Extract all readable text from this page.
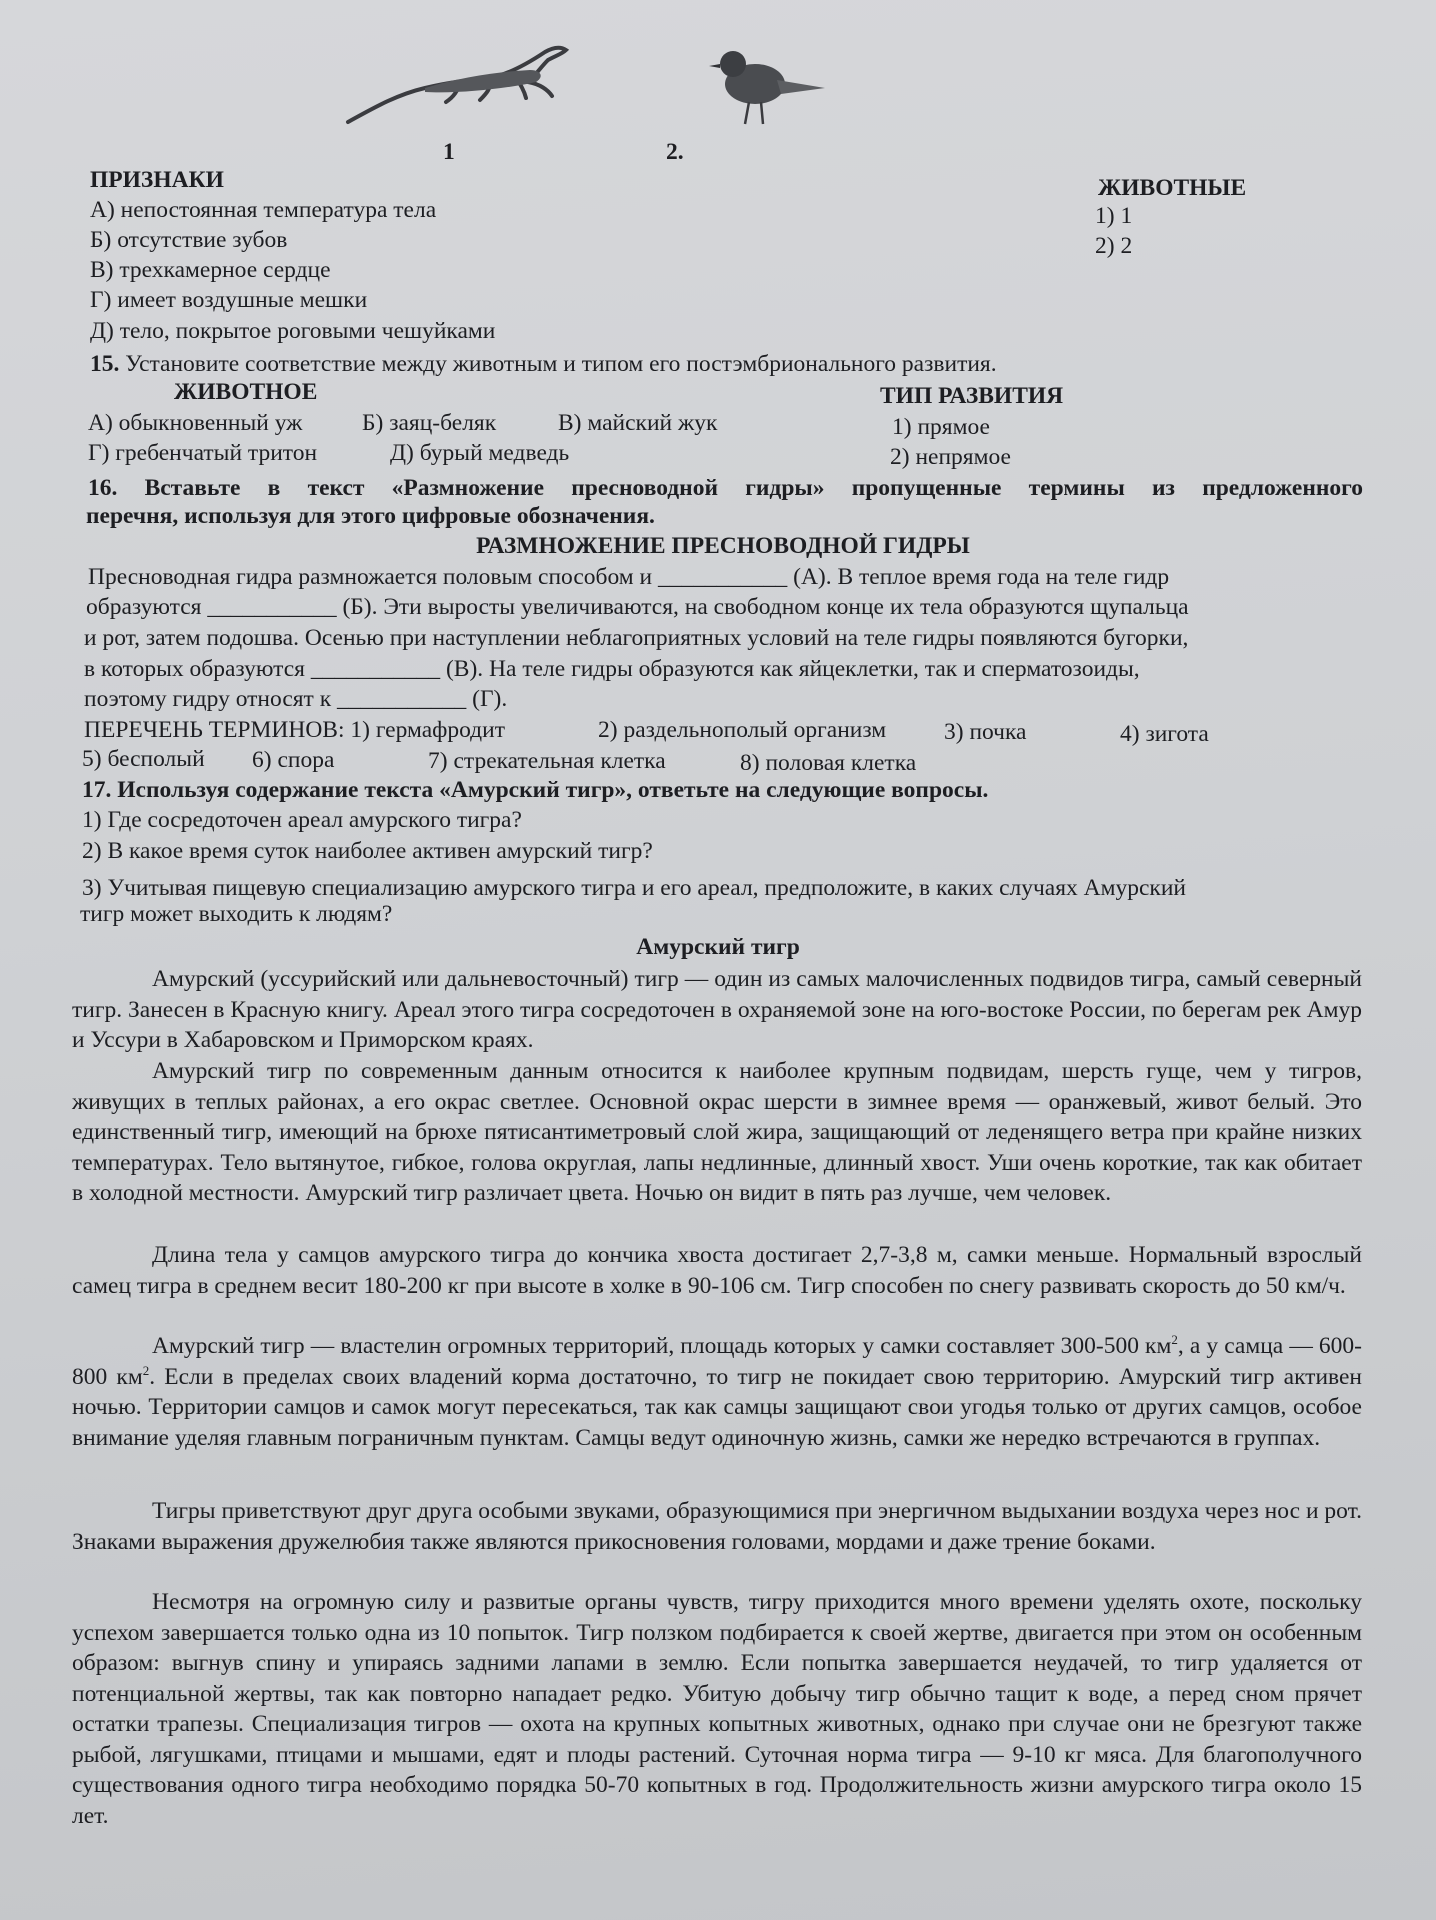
1	2.
ПРИЗНАКИ	ЖИВОТНЫЕ
А) непостоянная температура тела
Б) отсутствие зубов
В) трехкамерное сердце
Г) имеет воздушные мешки
Д) тело, покрытое роговыми чешуйками
1) 1
2) 2
15. Установите соответствие между животным и типом его постэмбрионального развития.
ЖИВОТНОЕ	ТИП РАЗВИТИЯ
А) обыкновенный уж	Б) заяц-беляк	В) майский жук
Г) гребенчатый тритон	Д) бурый медведь
1) прямое
2) непрямое
16. Вставьте в текст «Размножение пресноводной гидры» пропущенные термины из предложенного
перечня, используя для этого цифровые обозначения.
РАЗМНОЖЕНИЕ ПРЕСНОВОДНОЙ ГИДРЫ
Пресноводная гидра размножается половым способом и ___________ (А). В теплое время года на теле гидр
образуются ___________ (Б). Эти выросты увеличиваются, на свободном конце их тела образуются щупальца
и рот, затем подошва. Осенью при наступлении неблагоприятных условий на теле гидры появляются бугорки,
в которых образуются ___________ (В). На теле гидры образуются как яйцеклетки, так и сперматозоиды,
поэтому гидру относят к ___________ (Г).
ПЕРЕЧЕНЬ ТЕРМИНОВ: 1) гермафродит	2) раздельнополый организм 3) почка	4) зигота
5) бесполый 6) спора	7) стрекательная клетка	8) половая клетка
17. Используя содержание текста «Амурский тигр», ответьте на следующие вопросы.
1) Где сосредоточен ареал амурского тигра?
2) В какое время суток наиболее активен амурский тигр?
3) Учитывая пищевую специализацию амурского тигра и его ареал, предположите, в каких случаях Амурский
тигр может выходить к людям?
Амурский тигр
Амурский (уссурийский или дальневосточный) тигр — один из самых малочисленных подвидов тигра, самый северный тигр. Занесен в Красную книгу. Ареал этого тигра сосредоточен в охраняемой зоне на юго-востоке России, по берегам рек Амур и Уссури в Хабаровском и Приморском краях.
Амурский тигр по современным данным относится к наиболее крупным подвидам, шерсть гуще, чем у тигров, живущих в теплых районах, а его окрас светлее. Основной окрас шерсти в зимнее время — оранжевый, живот белый. Это единственный тигр, имеющий на брюхе пятисантиметровый слой жира, защищающий от леденящего ветра при крайне низких температурах. Тело вытянутое, гибкое, голова округлая, лапы недлинные, длинный хвост. Уши очень короткие, так как обитает в холодной местности. Амурский тигр различает цвета. Ночью он видит в пять раз лучше, чем человек.
Длина тела у самцов амурского тигра до кончика хвоста достигает 2,7-3,8 м, самки меньше. Нормальный взрослый самец тигра в среднем весит 180-200 кг при высоте в холке в 90-106 см. Тигр способен по снегу развивать скорость до 50 км/ч.
Амурский тигр — властелин огромных территорий, площадь которых у самки составляет 300-500 $км^2$, а у самца — 600-800 $км^2$. Если в пределах своих владений корма достаточно, то тигр не покидает свою территорию. Амурский тигр активен ночью. Территории самцов и самок могут пересекаться, так как самцы защищают свои угодья только от других самцов, особое внимание уделяя главным пограничным пунктам. Самцы ведут одиночную жизнь, самки же нередко встречаются в группах.
Тигры приветствуют друг друга особыми звуками, образующимися при энергичном выдыхании воздуха через нос и рот. Знаками выражения дружелюбия также являются прикосновения головами, мордами и даже трение боками.
Несмотря на огромную силу и развитые органы чувств, тигру приходится много времени уделять охоте, поскольку успехом завершается только одна из 10 попыток. Тигр ползком подбирается к своей жертве, двигается при этом он особенным образом: выгнув спину и упираясь задними лапами в землю. Если попытка завершается неудачей, то тигр удаляется от потенциальной жертвы, так как повторно нападает редко. Убитую добычу тигр обычно тащит к воде, а перед сном прячет остатки трапезы. Специализация тигров — охота на крупных копытных животных, однако при случае они не брезгуют также рыбой, лягушками, птицами и мышами, едят и плоды растений. Суточная норма тигра — 9-10 кг мяса. Для благополучного существования одного тигра необходимо порядка 50-70 копытных в год. Продолжительность жизни амурского тигра около 15 лет.
